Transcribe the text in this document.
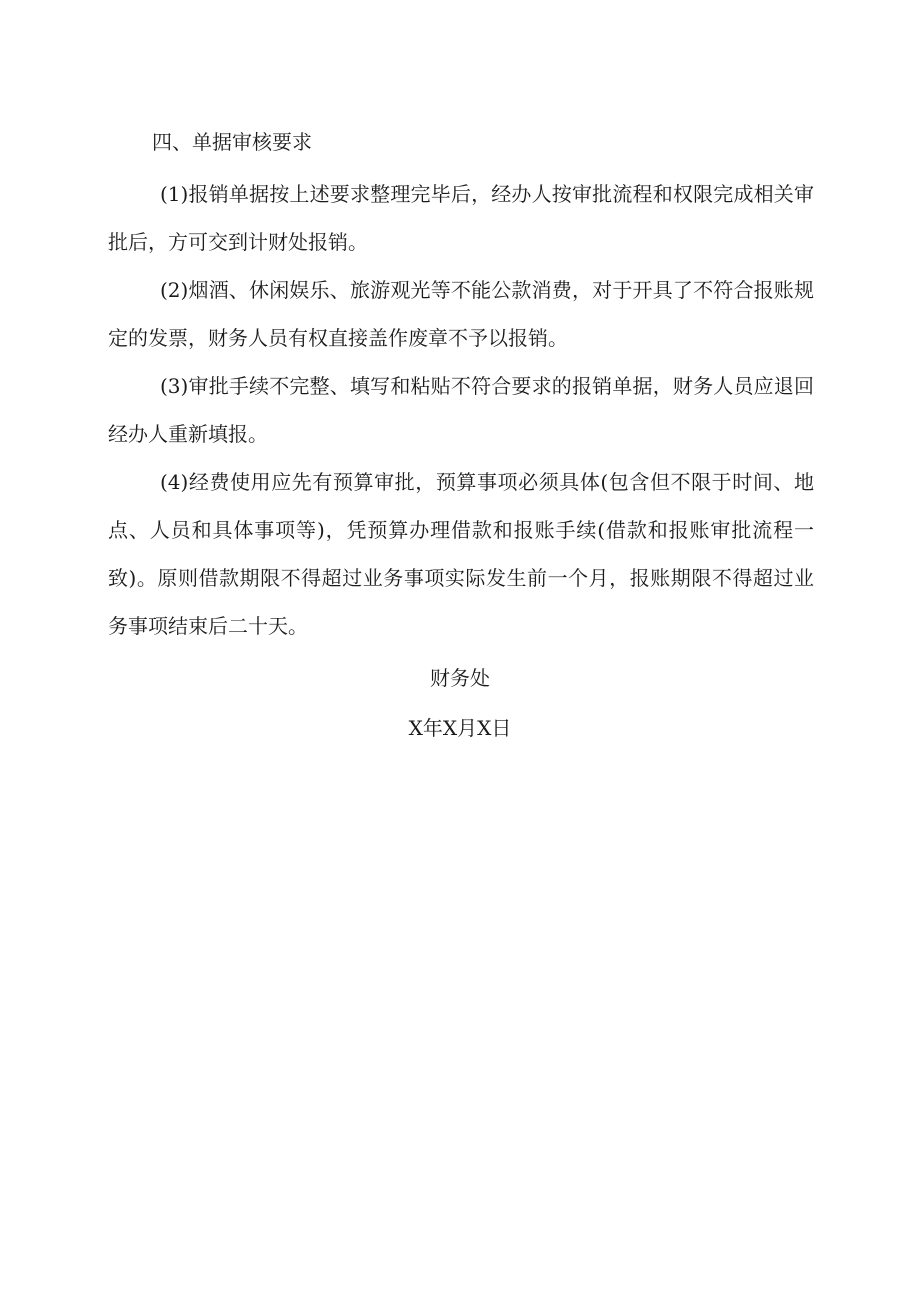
四、单据审核要求
(1)报销单据按上述要求整理完毕后，经办人按审批流程和权限完成相关审批后，方可交到计财处报销。
(2)烟酒、休闲娱乐、旅游观光等不能公款消费，对于开具了不符合报账规定的发票，财务人员有权直接盖作废章不予以报销。
(3)审批手续不完整、填写和粘贴不符合要求的报销单据，财务人员应退回经办人重新填报。
(4)经费使用应先有预算审批，预算事项必须具体(包含但不限于时间、地点、人员和具体事项等)，凭预算办理借款和报账手续(借款和报账审批流程一致)。原则借款期限不得超过业务事项实际发生前一个月，报账期限不得超过业务事项结束后二十天。
财务处
X年X月X日
